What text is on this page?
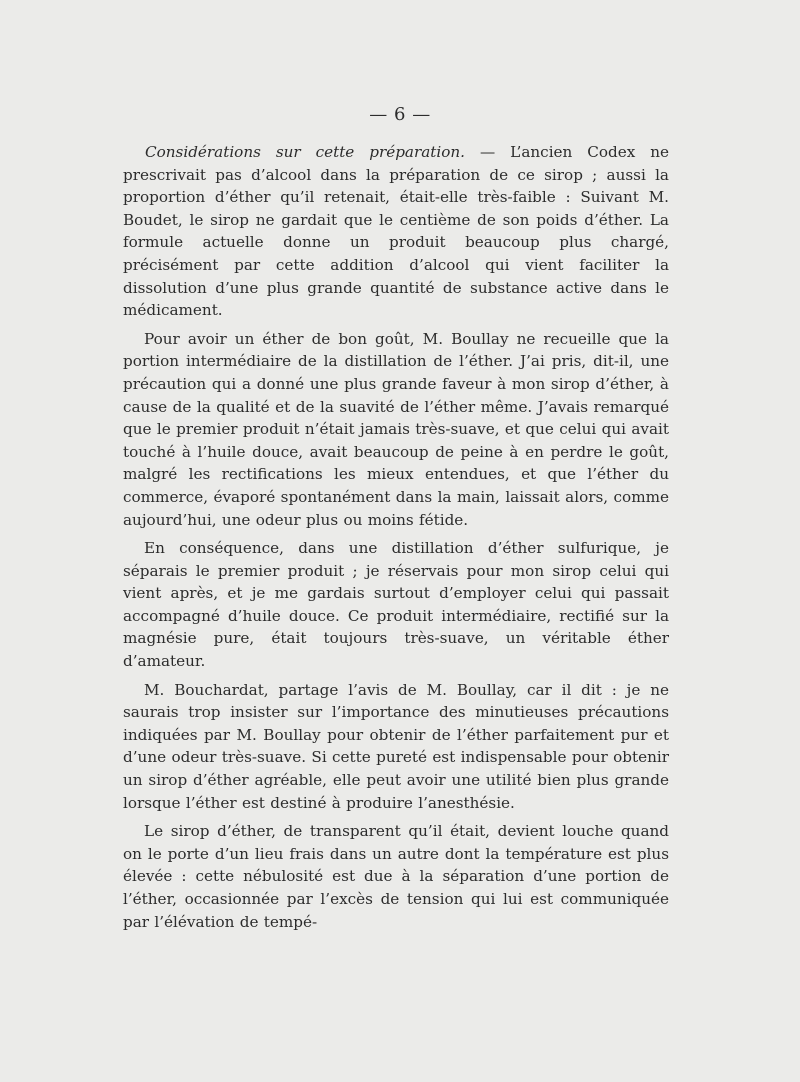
— 6 —

Considérations sur cette préparation. — L’ancien Codex ne prescrivait pas d’alcool dans la préparation de ce sirop ; aussi la proportion d’éther qu’il retenait, était-elle très-faible : Suivant M. Boudet, le sirop ne gardait que le centième de son poids d’éther. La formule actuelle donne un produit beaucoup plus chargé, précisément par cette addition d’alcool qui vient faciliter la dissolution d’une plus grande quantité de substance active dans le médicament.

Pour avoir un éther de bon goût, M. Boullay ne recueille que la portion intermédiaire de la distillation de l’éther. J’ai pris, dit-il, une précaution qui a donné une plus grande faveur à mon sirop d’éther, à cause de la qualité et de la suavité de l’éther même. J’avais remarqué que le premier produit n’était jamais très-suave, et que celui qui avait touché à l’huile douce, avait beaucoup de peine à en perdre le goût, malgré les rectifications les mieux entendues, et que l’éther du commerce, évaporé spontanément dans la main, laissait alors, comme aujourd’hui, une odeur plus ou moins fétide.

En conséquence, dans une distillation d’éther sulfurique, je séparais le premier produit ; je réservais pour mon sirop celui qui vient après, et je me gardais surtout d’employer celui qui passait accompagné d’huile douce. Ce produit intermédiaire, rectifié sur la magnésie pure, était toujours très-suave, un véritable éther d’amateur.

M. Bouchardat, partage l’avis de M. Boullay, car il dit : je ne saurais trop insister sur l’importance des minutieuses précautions indiquées par M. Boullay pour obtenir de l’éther parfaitement pur et d’une odeur très-suave. Si cette pureté est indispensable pour obtenir un sirop d’éther agréable, elle peut avoir une utilité bien plus grande lorsque l’éther est destiné à produire l’anesthésie.

Le sirop d’éther, de transparent qu’il était, devient louche quand on le porte d’un lieu frais dans un autre dont la température est plus élevée : cette nébulosité est due à la séparation d’une portion de l’éther, occasionnée par l’excès de tension qui lui est communiquée par l’élévation de tempé-
